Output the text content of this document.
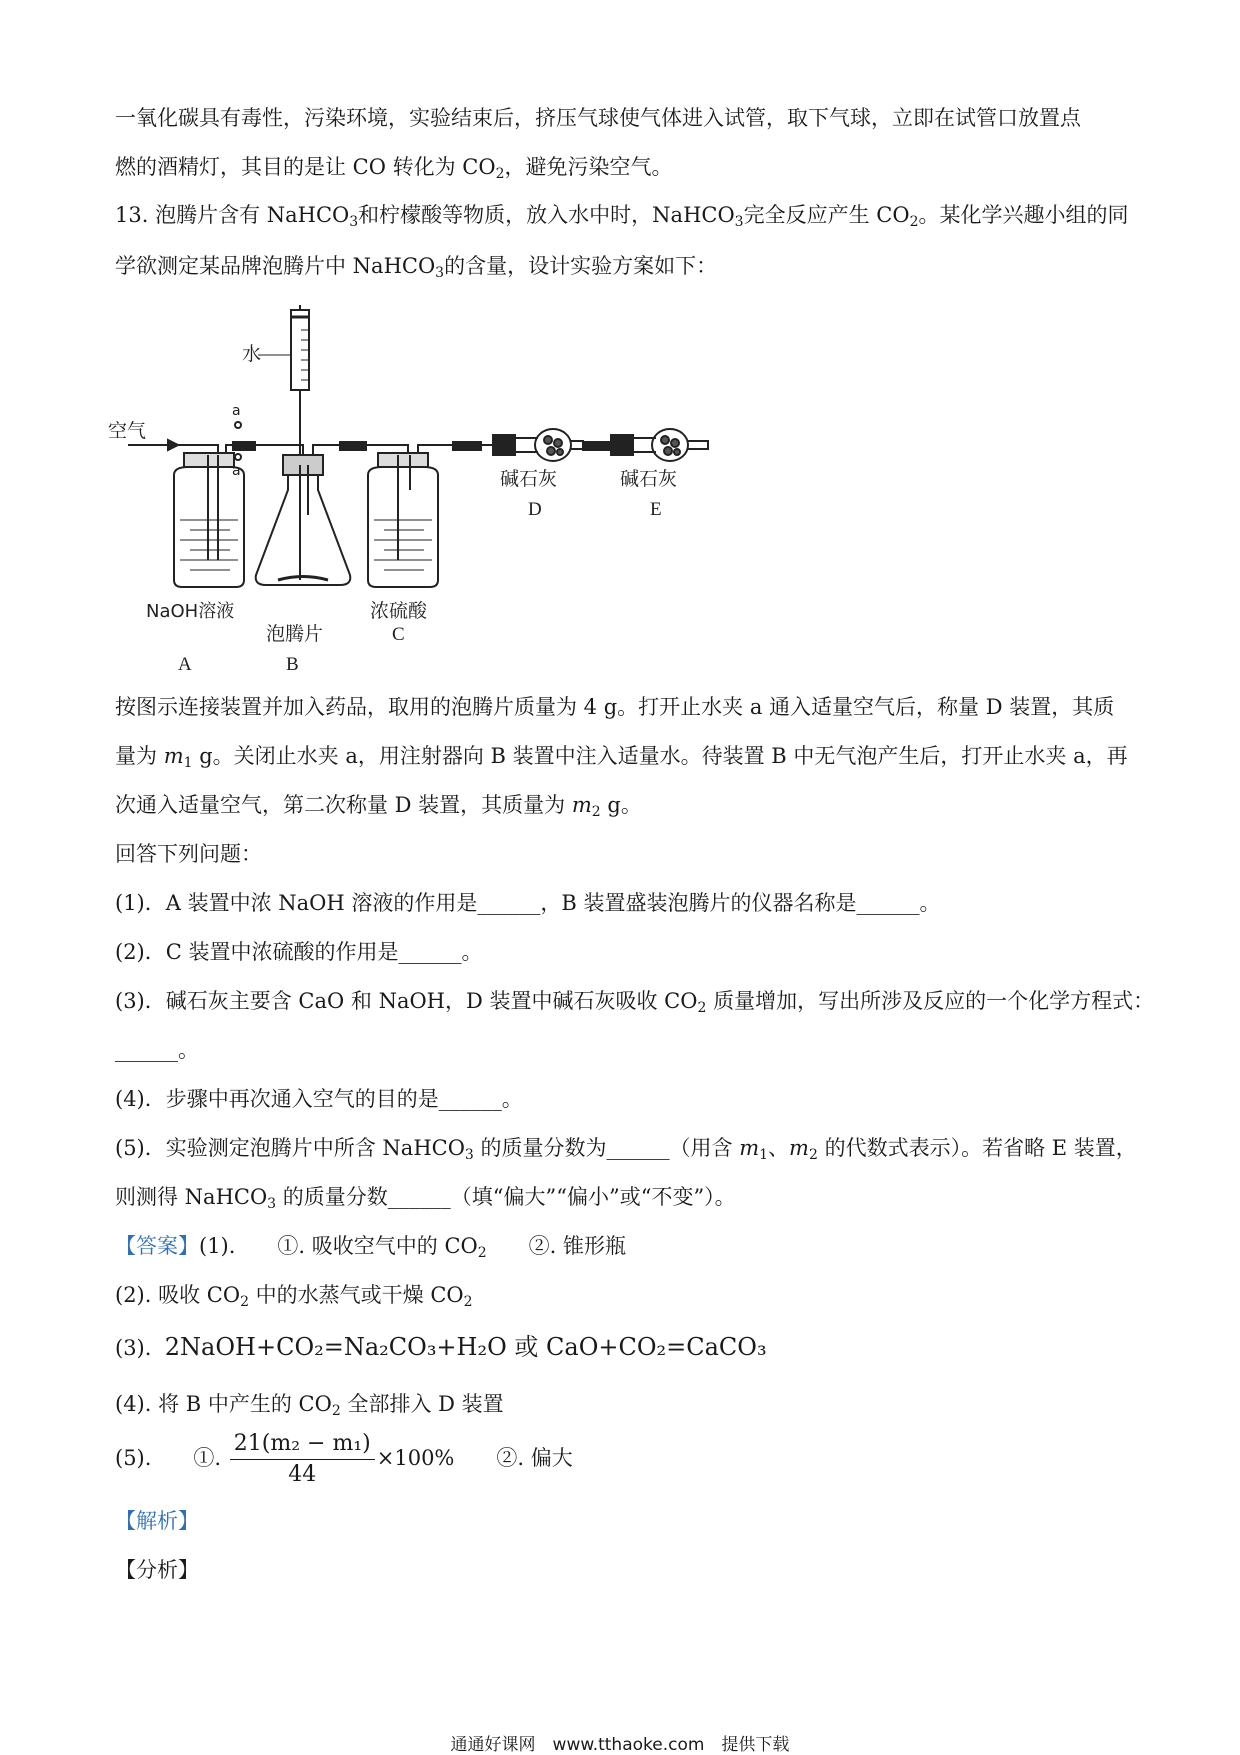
一氧化碳具有毒性，污染环境，实验结束后，挤压气球使气体进入试管，取下气球，立即在试管口放置点
燃的酒精灯，其目的是让 CO 转化为 $CO_2$，避免污染空气。
13. 泡腾片含有 NaHCO$_3$和柠檬酸等物质，放入水中时，NaHCO$_3$完全反应产生 $CO_2$。某化学兴趣小组的同
学欲测定某品牌泡腾片中 NaHCO$_3$的含量，设计实验方案如下：
空气
水
a
a
NaOH溶液
泡腾片
浓硫酸
碱石灰	碱石灰
A	B
C
D	E
按图示连接装置并加入药品，取用的泡腾片质量为 4 g。打开止水夹 a 通入适量空气后，称量 D 装置，其质
量为 $m_1$ g。关闭止水夹 a，用注射器向 B 装置中注入适量水。待装置 B 中无气泡产生后，打开止水夹 a，再
次通入适量空气，第二次称量 D 装置，其质量为 $m_2$ g。
回答下列问题：
(1)．A 装置中浓 NaOH 溶液的作用是______，B 装置盛装泡腾片的仪器名称是______。
(2)．C 装置中浓硫酸的作用是______。
(3)．碱石灰主要含 CaO 和 NaOH，D 装置中碱石灰吸收 $CO_2$ 质量增加，写出所涉及反应的一个化学方程式：
______。
(4)．步骤中再次通入空气的目的是______。
(5)．实验测定泡腾片中所含 NaHCO$_3$ 的质量分数为______（用含 $m_1$、$m_2$ 的代数式表示）。若省略 E 装置，
则测得 NaHCO$_3$ 的质量分数______（填“偏大”“偏小”或“不变”）。
【答案】(1).　　①. 吸收空气中的 $CO_2$　　②. 锥形瓶
(2). 吸收 $CO_2$ 中的水蒸气或干燥 $CO_2$
(3). 2NaOH+CO₂=Na₂CO₃+H₂O 或 CaO+CO₂=CaCO₃
(4). 将 B 中产生的 $CO_2$ 全部排入 D 装置
(5).　　①. $\frac{\text{21(m₂ − m₁)}}{44} \times 100\%$　　②. 偏大
【解析】
【分析】
通通好课网　www.tthaoke.com　提供下载
